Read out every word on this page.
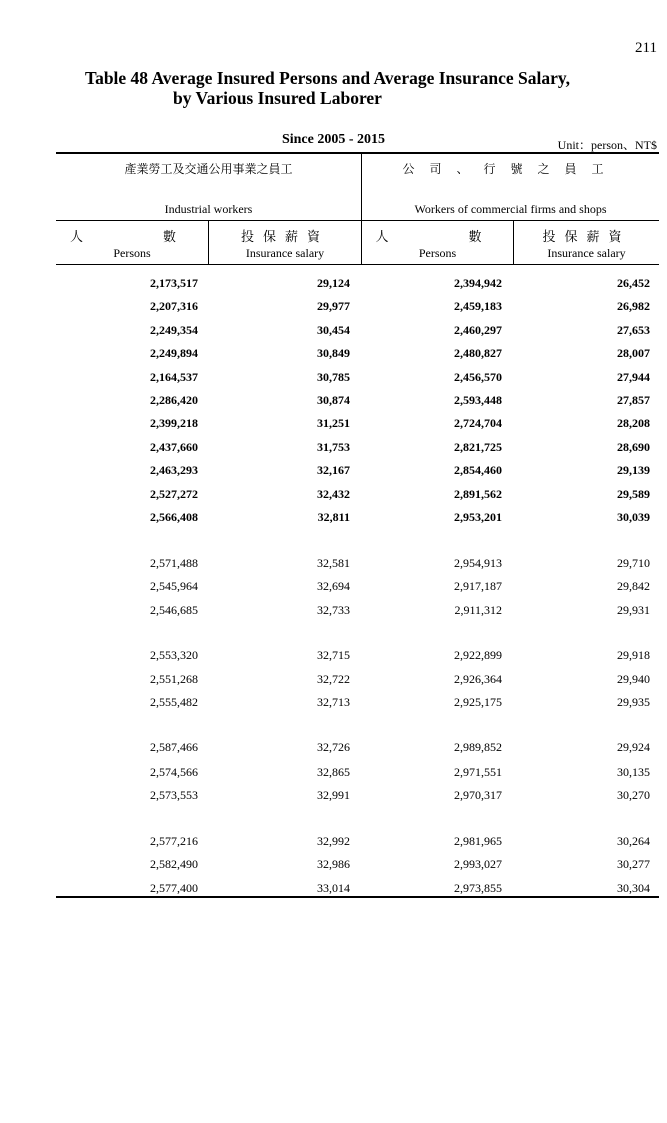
211
Table 48 Average Insured Persons and Average Insurance Salary,
by Various Insured Laborer
Since 2005 - 2015	Unit：person、NT$
產業勞工及交通公用事業之員工
Industrial workers
公司、行號之員工
Workers of commercial firms and shops
人　　數
Persons
投保薪資
Insurance salary
人　　數
Persons
投保薪資
Insurance salary
2,173,517	29,124	2,394,942	26,452
2,207,316	29,977	2,459,183	26,982
2,249,354	30,454	2,460,297	27,653
2,249,894	30,849	2,480,827	28,007
2,164,537	30,785	2,456,570	27,944
2,286,420	30,874	2,593,448	27,857
2,399,218	31,251	2,724,704	28,208
2,437,660	31,753	2,821,725	28,690
2,463,293	32,167	2,854,460	29,139
2,527,272	32,432	2,891,562	29,589
2,566,408	32,811	2,953,201	30,039
2,571,488	32,581	2,954,913	29,710
2,545,964	32,694	2,917,187	29,842
2,546,685	32,733	2,911,312	29,931
2,553,320	32,715	2,922,899	29,918
2,551,268	32,722	2,926,364	29,940
2,555,482	32,713	2,925,175	29,935
2,587,466	32,726	2,989,852	29,924
2,574,566	32,865	2,971,551	30,135
2,573,553	32,991	2,970,317	30,270
2,577,216	32,992	2,981,965	30,264
2,582,490	32,986	2,993,027	30,277
2,577,400	33,014	2,973,855	30,304
